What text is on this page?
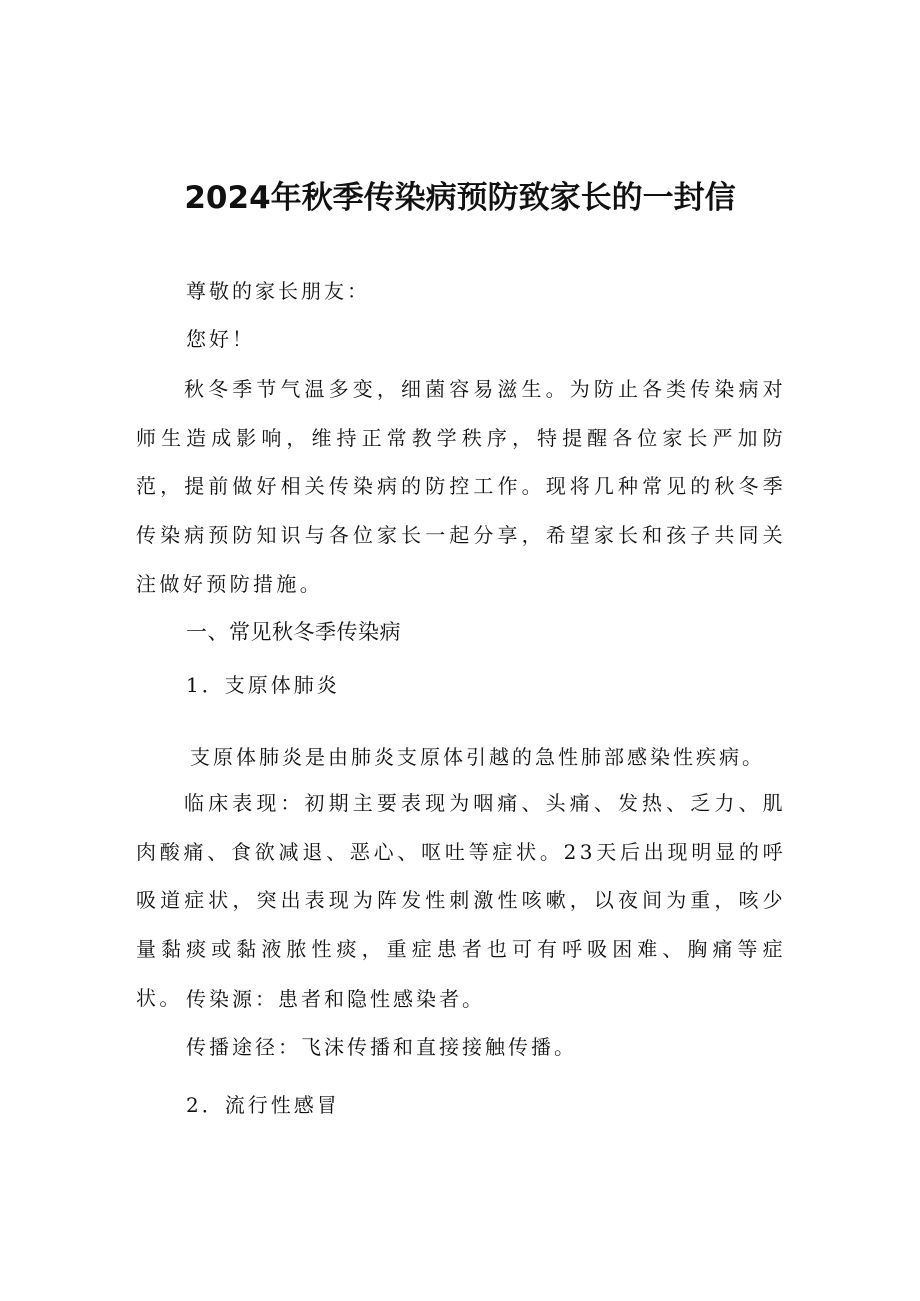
2024年秋季传染病预防致家长的一封信
尊敬的家长朋友：
您好！

秋冬季节气温多变，细菌容易滋生。为防止各类传染病对师生造成影响，维持正常教学秩序，特提醒各位家长严加防范，提前做好相关传染病的防控工作。现将几种常见的秋冬季传染病预防知识与各位家长一起分享，希望家长和孩子共同关注做好预防措施。

一、常见秋冬季传染病
1．支原体肺炎
支原体肺炎是由肺炎支原体引越的急性肺部感染性疾病。

临床表现：初期主要表现为咽痛、头痛、发热、乏力、肌肉酸痛、食欲减退、恶心、呕吐等症状。23天后出现明显的呼吸道症状，突出表现为阵发性刺激性咳嗽，以夜间为重，咳少量黏痰或黏液脓性痰，重症患者也可有呼吸困难、胸痛等症状。 传染源：患者和隐性感染者。
传播途径：飞沫传播和直接接触传播。
2．流行性感冒
